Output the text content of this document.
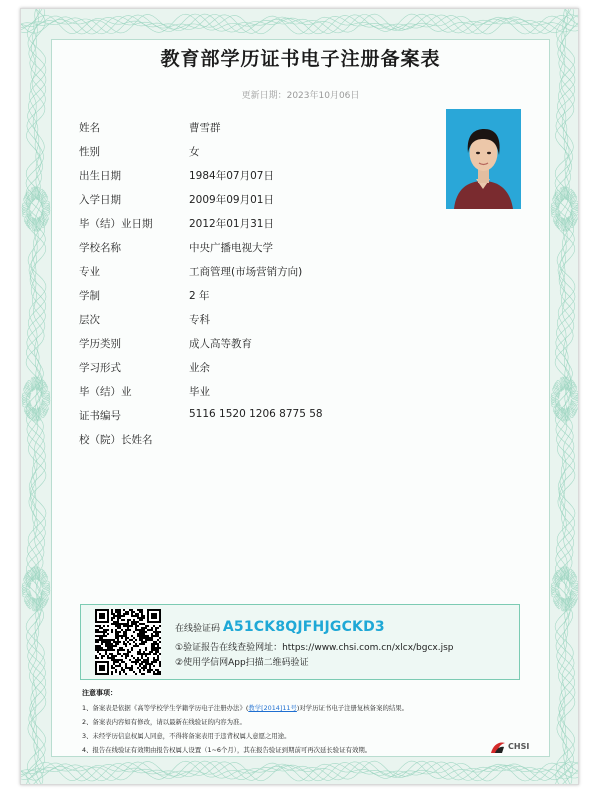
教育部学历证书电子注册备案表
更新日期：2023年10月06日
姓名	曹雪群
性别	女
出生日期	1984年07月07日
入学日期	2009年09月01日
毕（结）业日期	2012年01月31日
学校名称	中央广播电视大学
专业	工商管理(市场营销方向)
学制	2 年
层次	专科
学历类别	成人高等教育
学习形式	业余
毕（结）业	毕业
证书编号	5116 1520 1206 8775 58
校（院）长姓名
在线验证码 A51CK8QJFHJGCKD3
①验证报告在线查验网址：https://www.chsi.com.cn/xlcx/bgcx.jsp
②使用学信网App扫描二维码验证
注意事项：
1、备案表是依据《高等学校学生学籍学历电子注册办法》(教学[2014]11号)对学历证书电子注册复核备案的结果。
2、备案表内容如有修改，请以最新在线验证的内容为准。
3、未经学历信息权属人同意，不得将备案表用于违背权属人意愿之用途。
4、报告在线验证有效期由报告权属人设置（1~6个月），其在报告验证到期前可再次延长验证有效期。	CHSI
